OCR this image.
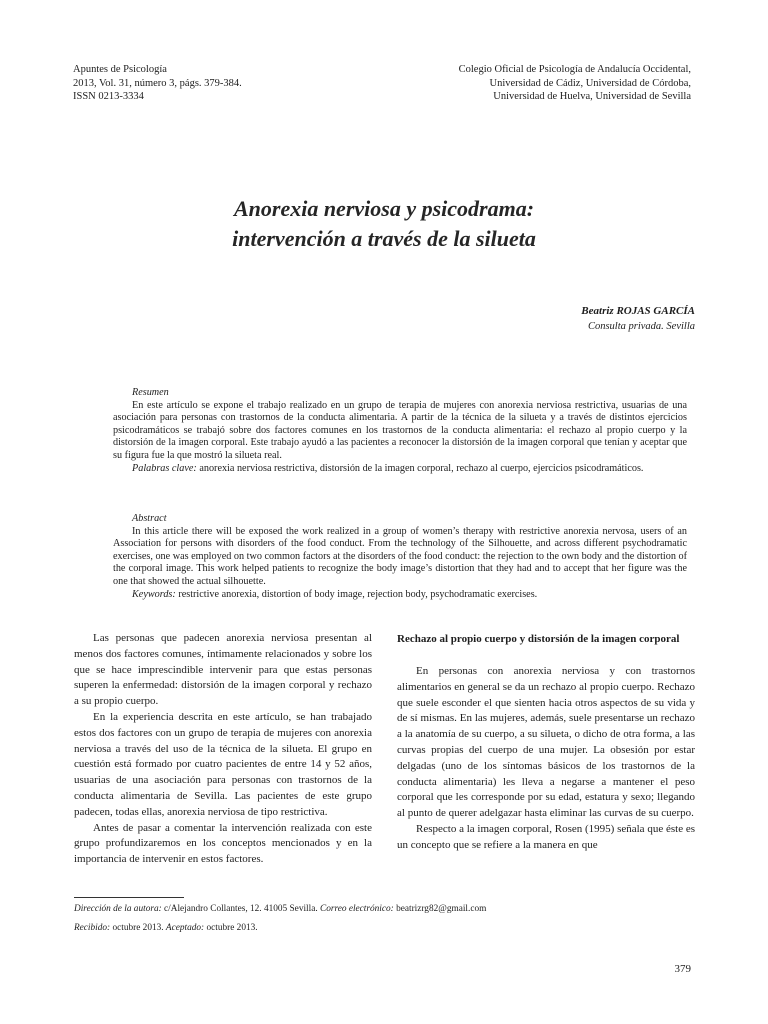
Apuntes de Psicología
2013, Vol. 31, número 3, págs. 379-384.
ISSN 0213-3334
Colegio Oficial de Psicología de Andalucía Occidental,
Universidad de Cádiz, Universidad de Córdoba,
Universidad de Huelva, Universidad de Sevilla
Anorexia nerviosa y psicodrama:
intervención a través de la silueta
Beatriz ROJAS GARCÍA
Consulta privada. Sevilla
Resumen
En este artículo se expone el trabajo realizado en un grupo de terapia de mujeres con anorexia nerviosa restrictiva, usuarias de una asociación para personas con trastornos de la conducta alimentaria. A partir de la técnica de la silueta y a través de distintos ejercicios psicodramáticos se trabajó sobre dos factores comunes en los trastornos de la conducta alimentaria: el rechazo al propio cuerpo y la distorsión de la imagen corporal. Este trabajo ayudó a las pacientes a reconocer la distorsión de la imagen corporal que tenían y aceptar que su figura fue la que mostró la silueta real.
Palabras clave: anorexia nerviosa restrictiva, distorsión de la imagen corporal, rechazo al cuerpo, ejercicios psicodramáticos.
Abstract
In this article there will be exposed the work realized in a group of women’s therapy with restrictive anorexia nervosa, users of an Association for persons with disorders of the food conduct. From the technology of the Silhouette, and across different psychodramatic exercises, one was employed on two common factors at the disorders of the food conduct: the rejection to the own body and the distortion of the corporal image. This work helped patients to recognize the body image’s distortion that they had and to accept that her figure was the one that showed the actual silhouette.
Keywords: restrictive anorexia, distortion of body image, rejection body, psychodramatic exercises.

Las personas que padecen anorexia nerviosa presentan al menos dos factores comunes, íntimamente relacionados y sobre los que se hace imprescindible intervenir para que estas personas superen la enfermedad: distorsión de la imagen corporal y rechazo a su propio cuerpo.

En la experiencia descrita en este artículo, se han trabajado estos dos factores con un grupo de terapia de mujeres con anorexia nerviosa a través del uso de la técnica de la silueta. El grupo en cuestión está formado por cuatro pacientes de entre 14 y 52 años, usuarias de una asociación para personas con trastornos de la conducta alimentaria de Sevilla. Las pacientes de este grupo padecen, todas ellas, anorexia nerviosa de tipo restrictiva.

Antes de pasar a comentar la intervención realizada con este grupo profundizaremos en los conceptos mencionados y en la importancia de intervenir en estos factores.

Rechazo al propio cuerpo y distorsión de la imagen corporal

En personas con anorexia nerviosa y con trastornos alimentarios en general se da un rechazo al propio cuerpo. Rechazo que suele esconder el que sienten hacia otros aspectos de su vida y de sí mismas. En las mujeres, además, suele presentarse un rechazo a la anatomía de su cuerpo, a su silueta, o dicho de otra forma, a las curvas propias del cuerpo de una mujer. La obsesión por estar delgadas (uno de los síntomas básicos de los trastornos de la conducta alimentaria) les lleva a negarse a mantener el peso corporal que les corresponde por su edad, estatura y sexo; llegando al punto de querer adelgazar hasta eliminar las curvas de su cuerpo.

Respecto a la imagen corporal, Rosen (1995) señala que éste es un concepto que se refiere a la manera en que

Dirección de la autora: c/Alejandro Collantes, 12. 41005 Sevilla. Correo electrónico: beatrizrg82@gmail.com
Recibido: octubre 2013. Aceptado: octubre 2013.
379
